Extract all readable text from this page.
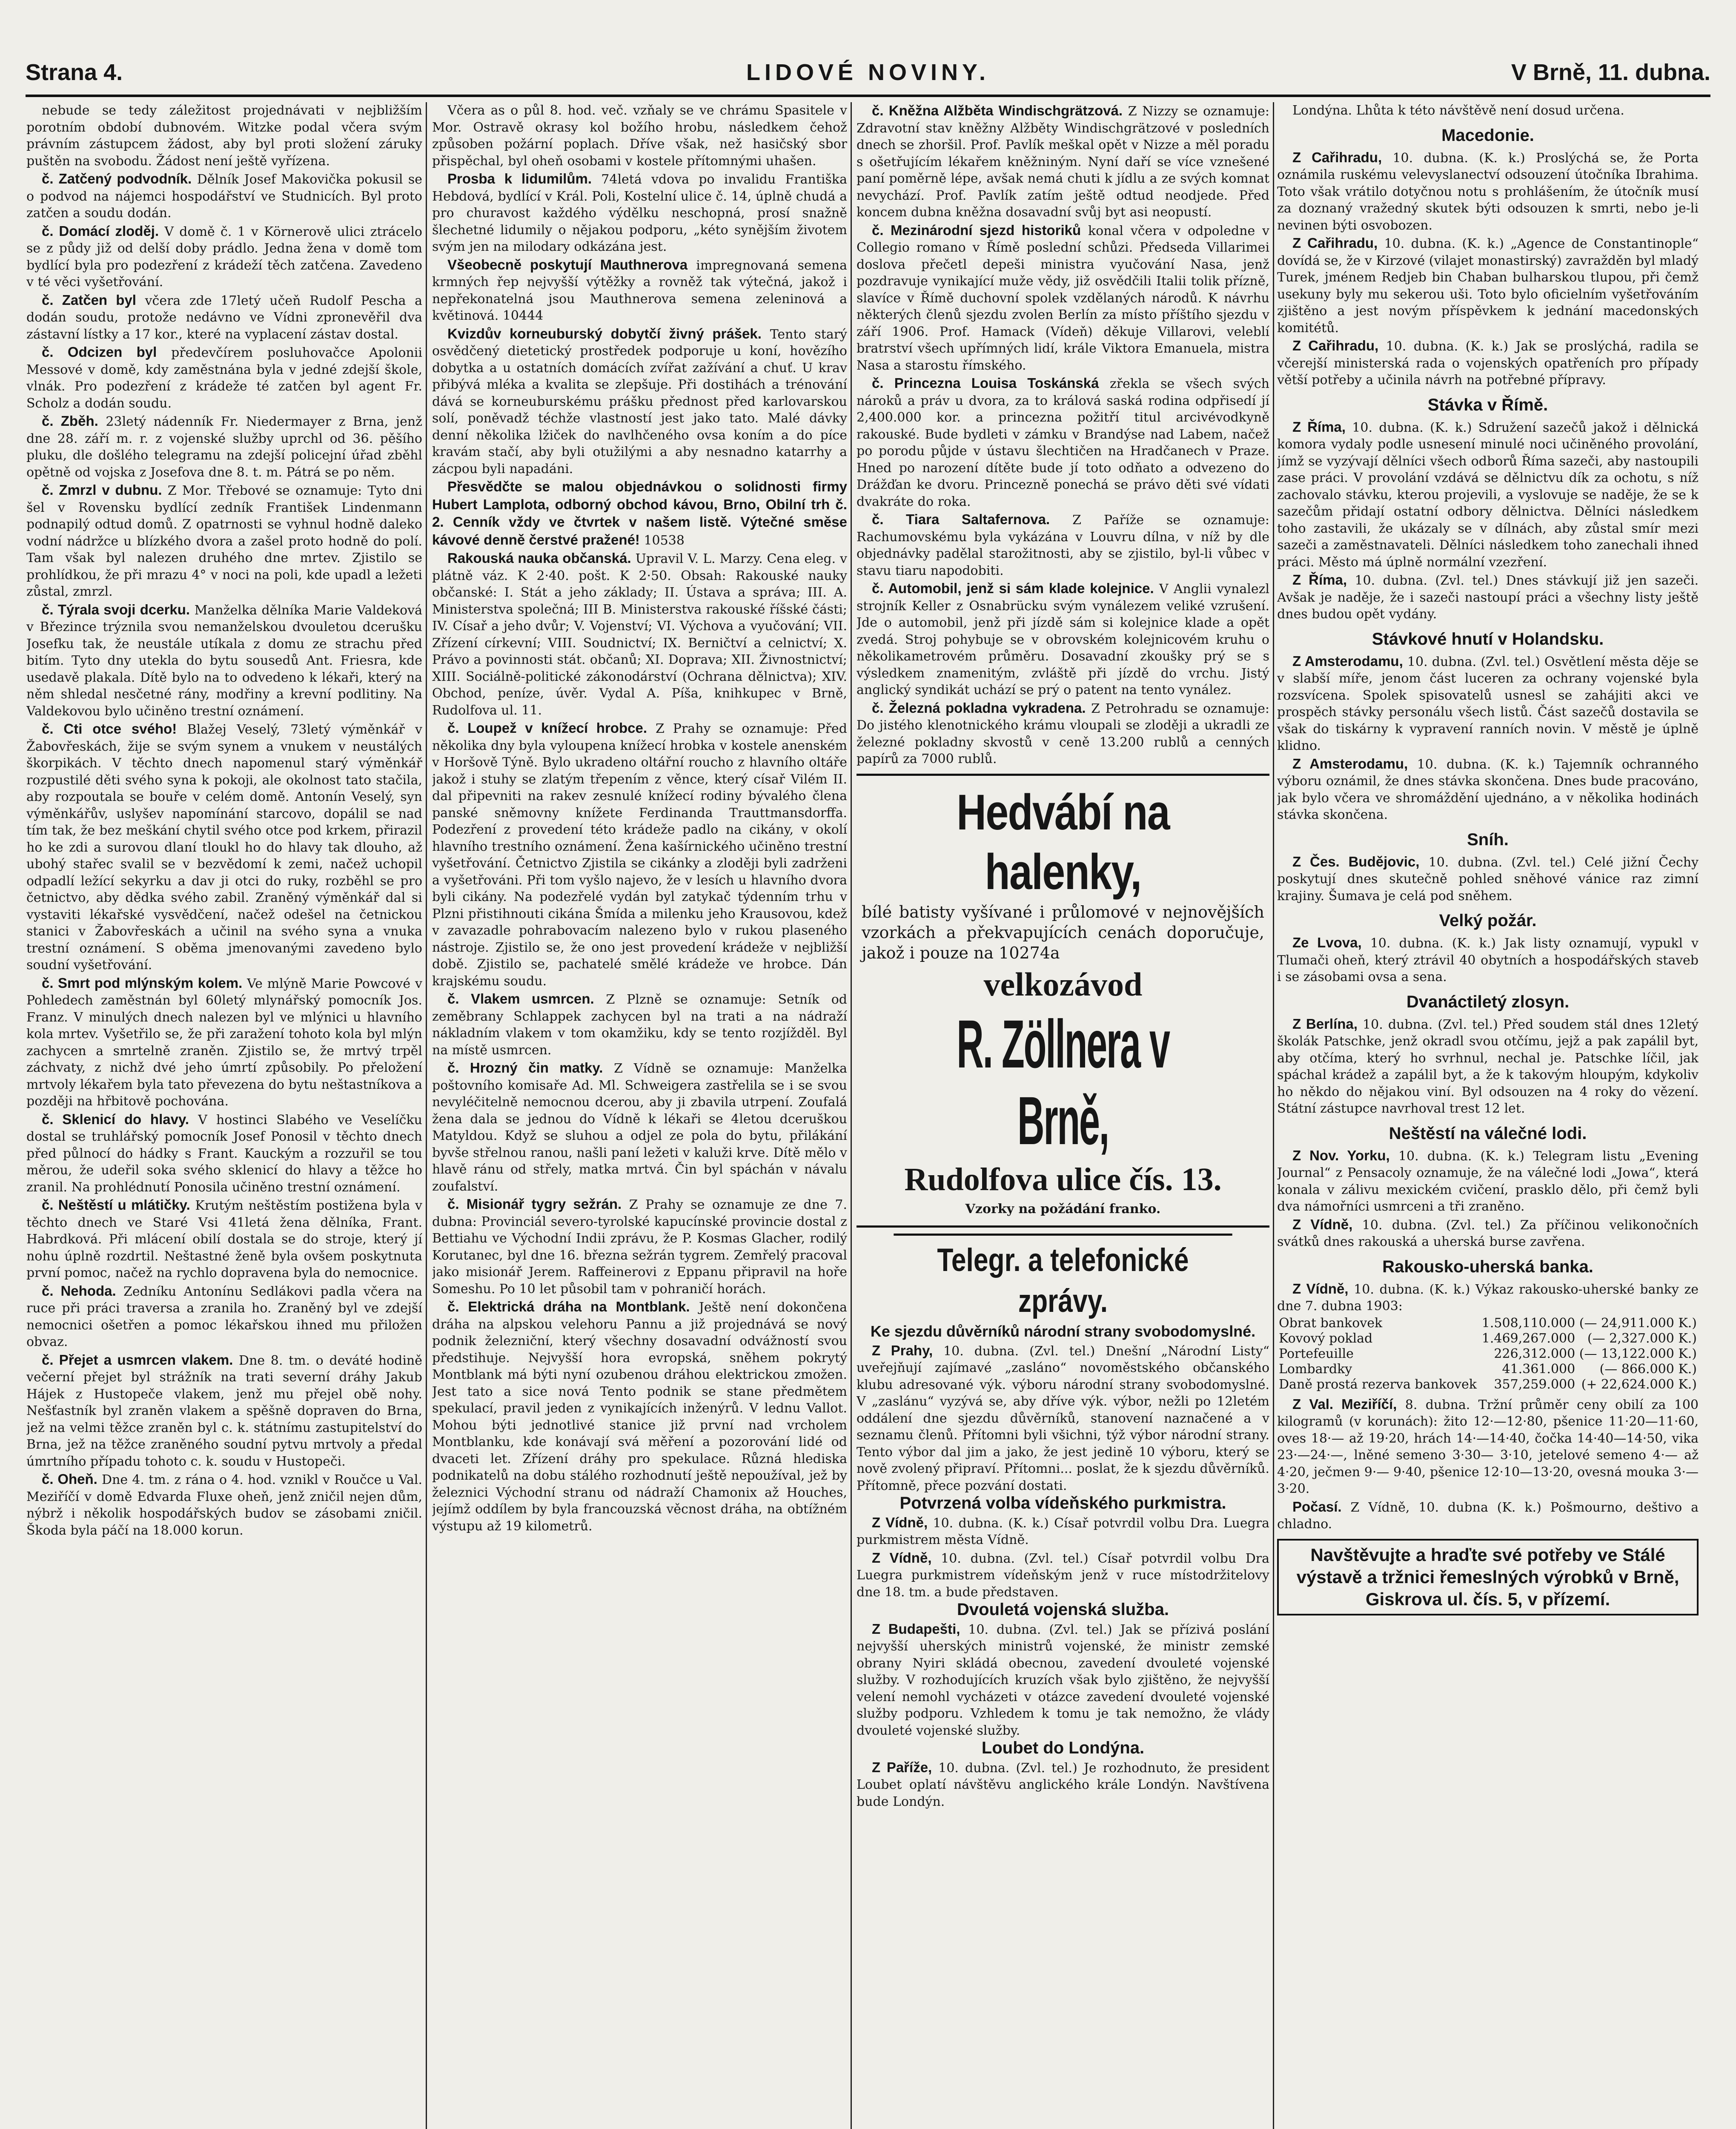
Strana 4.	LIDOVÉ NOVINY.	V Brně, 11. dubna.

nebude se tedy záležitost projednávati v nejbližším porotním období dubnovém. Witzke podal včera svým právním zástupcem žádost, aby byl proti složení záruky puštěn na svobodu. Žádost není ještě vyřízena.

č. Zatčený podvodník. Dělník Josef Makovička pokusil se o podvod na nájemci hospodářství ve Studnicích. Byl proto zatčen a soudu dodán.

č. Domácí zloděj. V domě č. 1 v Körnerově ulici ztrácelo se z půdy již od delší doby prádlo. Jedna žena v domě tom bydlící byla pro podezření z krádeží těch zatčena. Zavedeno v té věci vyšetřování.

č. Zatčen byl včera zde 17letý učeň Rudolf Pescha a dodán soudu, protože nedávno ve Vídni zpronevěřil dva zástavní lístky a 17 kor., které na vyplacení zástav dostal.

č. Odcizen byl předevčírem posluhovačce Apolonii Messové v domě, kdy zaměstnána byla v jedné zdejší škole, vlnák. Pro podezření z krádeže té zatčen byl agent Fr. Scholz a dodán soudu.

č. Zběh. 23letý nádenník Fr. Niedermayer z Brna, jenž dne 28. září m. r. z vojenské služby uprchl od 36. pěšího pluku, dle došlého telegramu na zdejší policejní úřad zběhl opětně od vojska z Josefova dne 8. t. m. Pátrá se po něm.

č. Zmrzl v dubnu. Z Mor. Třebové se oznamuje: Tyto dni šel v Rovensku bydlící zedník František Lindenmann podnapilý odtud domů. Z opatrnosti se vyhnul hodně daleko vodní nádržce u blízkého dvora a zašel proto hodně do polí. Tam však byl nalezen druhého dne mrtev. Zjistilo se prohlídkou, že při mrazu 4° v noci na poli, kde upadl a ležeti zůstal, zmrzl.

č. Týrala svoji dcerku. Manželka dělníka Marie Valdeková v Březince trýznila svou nemanželskou dvouletou dcerušku Josefku tak, že neustále utíkala z domu ze strachu před bitím. Tyto dny utekla do bytu sousedů Ant. Friesra, kde usedavě plakala. Dítě bylo na to odvedeno k lékaři, který na něm shledal nesčetné rány, modřiny a krevní podlitiny. Na Valdekovou bylo učiněno trestní oznámení.

č. Cti otce svého! Blažej Veselý, 73letý výměnkář v Žabovřeskách, žije se svým synem a vnukem v neustálých škorpikách. V těchto dnech napomenul starý výměnkář rozpustilé děti svého syna k pokoji, ale okolnost tato stačila, aby rozpoutala se bouře v celém domě. Antonín Veselý, syn výměnkářův, uslyšev napomínání starcovo, dopálil se nad tím tak, že bez meškání chytil svého otce pod krkem, přirazil ho ke zdi a surovou dlaní tloukl ho do hlavy tak dlouho, až ubohý stařec svalil se v bezvědomí k zemi, načež uchopil odpadlí ležící sekyrku a dav ji otci do ruky, rozběhl se pro četnictvo, aby dědka svého zabil. Zraněný výměnkář dal si vystaviti lékařské vysvědčení, načež odešel na četnickou stanici v Žabovřeskách a učinil na svého syna a vnuka trestní oznámení. S oběma jmenovanými zavedeno bylo soudní vyšetřování.

č. Smrt pod mlýnským kolem. Ve mlýně Marie Powcové v Pohledech zaměstnán byl 60letý mlynářský pomocník Jos. Franz. V minulých dnech nalezen byl ve mlýnici u hlavního kola mrtev. Vyšetřilo se, že při zaražení tohoto kola byl mlýn zachycen a smrtelně zraněn. Zjistilo se, že mrtvý trpěl záchvaty, z nichž dvé jeho úmrtí způsobily. Po přeložení mrtvoly lékařem byla tato převezena do bytu neštastníkova a později na hřbitově pochována.

č. Sklenicí do hlavy. V hostinci Slabého ve Veselíčku dostal se truhlářský pomocník Josef Ponosil v těchto dnech před půlnocí do hádky s Frant. Kauckým a rozzuřil se tou měrou, že udeřil soka svého sklenicí do hlavy a těžce ho zranil. Na prohlédnutí Ponosila učiněno trestní oznámení.

č. Neštěstí u mlátičky. Krutým neštěstím postižena byla v těchto dnech ve Staré Vsi 41letá žena dělníka, Frant. Habrdková. Při mlácení obilí dostala se do stroje, který jí nohu úplně rozdrtil. Neštastné ženě byla ovšem poskytnuta první pomoc, načež na rychlo dopravena byla do nemocnice.

č. Nehoda. Zedníku Antonínu Sedlákovi padla včera na ruce při práci traversa a zranila ho. Zraněný byl ve zdejší nemocnici ošetřen a pomoc lékařskou ihned mu přiložen obvaz.

č. Přejet a usmrcen vlakem. Dne 8. tm. o deváté hodině večerní přejet byl strážník na trati severní dráhy Jakub Hájek z Hustopeče vlakem, jenž mu přejel obě nohy. Nešťastník byl zraněn vlakem a spěšně dopraven do Brna, jež na velmi těžce zraněn byl c. k. státnímu zastupitelství do Brna, jež na těžce zraněného soudní pytvu mrtvoly a předal úmrtního případu tohoto c. k. soudu v Hustopeči.

č. Oheň. Dne 4. tm. z rána o 4. hod. vznikl v Roučce u Val. Meziříčí v domě Edvarda Fluxe oheň, jenž zničil nejen dům, nýbrž i několik hospodářských budov se zásobami zničil. Škoda byla páčí na 18.000 korun.

Včera as o půl 8. hod. več. vzňaly se ve chrámu Spasitele v Mor. Ostravě okrasy kol božího hrobu, následkem čehož způsoben požární poplach. Dříve však, než hasičský sbor přispěchal, byl oheň osobami v kostele přítomnými uhašen.

Prosba k lidumilům. 74letá vdova po invalidu Františka Hebdová, bydlící v Král. Poli, Kostelní ulice č. 14, úplně chudá a pro churavost každého výdělku neschopná, prosí snažně šlechetné lidumily o nějakou podporu, „kéto synějším životem svým jen na milodary odkázána jest.

Všeobecně poskytují Mauthnerova impregnovaná semena krmných řep nejvyšší výtěžky a rovněž tak výtečná, jakož i nepřekonatelná jsou Mauthnerova semena zeleninová a květinová. 10444

Kvizdův korneuburský dobytčí živný prášek. Tento starý osvědčený dietetický prostředek podporuje u koní, hovězího dobytka a u ostatních domácích zvířat zažívání a chuť. U krav přibývá mléka a kvalita se zlepšuje. Při dostihách a trénování dává se korneuburskému prášku přednost před karlovarskou solí, poněvadž téchže vlastností jest jako tato. Malé dávky denní několika lžiček do navlhčeného ovsa koním a do píce kravám stačí, aby byli otužilými a aby nesnadno katarrhy a zácpou byli napadáni.

Přesvědčte se malou objednávkou o solidnosti firmy Hubert Lamplota, odborný obchod kávou, Brno, Obilní trh č. 2. Cenník vždy ve čtvrtek v našem listě. Výtečné směse kávové denně čerstvé pražené! 10538

Rakouská nauka občanská. Upravil V. L. Marzy. Cena eleg. v plátně váz. K 2·40. pošt. K 2·50. Obsah: Rakouské nauky občanské: I. Stát a jeho základy; II. Ústava a správa; III. A. Ministerstva společná; III B. Ministerstva rakouské říšské části; IV. Císař a jeho dvůr; V. Vojenství; VI. Výchova a vyučování; VII. Zřízení církevní; VIII. Soudnictví; IX. Berničtví a celnictví; X. Právo a povinnosti stát. občanů; XI. Doprava; XII. Živnostnictví; XIII. Sociálně-politické zákonodárství (Ochrana dělnictva); XIV. Obchod, peníze, úvěr. Vydal A. Píša, knihkupec v Brně, Rudolfova ul. 11.

č. Loupež v knížecí hrobce. Z Prahy se oznamuje: Před několika dny byla vyloupena knížecí hrobka v kostele anenském v Horšově Týně. Bylo ukradeno oltářní roucho z hlavního oltáře jakož i stuhy se zlatým třepením z věnce, který císař Vilém II. dal připevniti na rakev zesnulé knížecí rodiny bývalého člena panské sněmovny knížete Ferdinanda Trauttmansdorffa. Podezření z provedení této krádeže padlo na cikány, v okolí hlavního trestního oznámení. Žena kašírnického učiněno trestní vyšetřování. Četnictvo Zjistila se cikánky a zloději byli zadrženi a vyšetřováni. Při tom vyšlo najevo, že v lesích u hlavního dvora byli cikány. Na podezřelé vydán byl zatykač týdenním trhu v Plzni přistihnouti cikána Šmída a milenku jeho Krausovou, kdež v zavazadle pohrabovacím nalezeno bylo v rukou plaseného nástroje. Zjistilo se, že ono jest provedení krádeže v nejbližší době. Zjistilo se, pachatelé smělé krádeže ve hrobce. Dán krajskému soudu.

č. Vlakem usmrcen. Z Plzně se oznamuje: Setník od zeměbrany Schlappek zachycen byl na trati a na nádraží nákladním vlakem v tom okamžiku, kdy se tento rozjížděl. Byl na místě usmrcen.

č. Hrozný čin matky. Z Vídně se oznamuje: Manželka poštovního komisaře Ad. Ml. Schweigera zastřelila se i se svou nevyléčitelně nemocnou dcerou, aby ji zbavila utrpení. Zoufalá žena dala se jednou do Vídně k lékaři se 4letou dceruškou Matyldou. Když se sluhou a odjel ze pola do bytu, přilákání byvše střelnou ranou, našli paní ležeti v kaluži krve. Dítě mělo v hlavě ránu od střely, matka mrtvá. Čin byl spáchán v návalu zoufalství.

č. Misionář tygry sežrán. Z Prahy se oznamuje ze dne 7. dubna: Provinciál severo-tyrolské kapucínské provincie dostal z Bettiahu ve Východní Indii zprávu, že P. Kosmas Glacher, rodilý Korutanec, byl dne 16. března sežrán tygrem. Zemřelý pracoval jako misionář Jerem. Raffeinerovi z Eppanu připravil na hoře Someshu. Po 10 let působil tam v pohraničí horách.

č. Elektrická dráha na Montblank. Ještě není dokončena dráha na alpskou velehoru Pannu a již projednává se nový podnik železniční, který všechny dosavadní odvážností svou předstihuje. Nejvyšší hora evropská, sněhem pokrytý Montblank má býti nyní ozubenou dráhou elektrickou zmožen. Jest tato a sice nová Tento podnik se stane předmětem spekulací, pravil jeden z vynikajících inženýrů. V lednu Vallot. Mohou býti jednotlivé stanice již první nad vrcholem Montblanku, kde konávají svá měření a pozorování lidé od dvaceti let. Zřízení dráhy pro spekulace. Různá hlediska podnikatelů na dobu stálého rozhodnutí ještě nepoužíval, jež by železnici Východní stranu od nádraží Chamonix až Houches, jejímž oddílem by byla francouzská věcnost dráha, na obtížném výstupu až 19 kilometrů.

č. Kněžna Alžběta Windischgrätzová. Z Nizzy se oznamuje: Zdravotní stav kněžny Alžběty Windischgrätzové v posledních dnech se zhoršil. Prof. Pavlík meškal opět v Nizze a měl poradu s ošetřujícím lékařem kněžniným. Nyní daří se více vznešené paní poměrně lépe, avšak nemá chuti k jídlu a ze svých komnat nevychází. Prof. Pavlík zatím ještě odtud neodjede. Před koncem dubna kněžna dosavadní svůj byt asi neopustí.

č. Mezinárodní sjezd historiků konal včera v odpoledne v Collegio romano v Římě poslední schůzi. Předseda Villarimei doslova přečetl depeši ministra vyučování Nasa, jenž pozdravuje vynikající muže vědy, již osvědčili Italii tolik přízně, slavíce v Římě duchovní spolek vzdělaných národů. K návrhu některých členů sjezdu zvolen Berlín za místo příštího sjezdu v září 1906. Prof. Hamack (Vídeň) děkuje Villarovi, veleblí bratrství všech upřímných lidí, krále Viktora Emanuela, mistra Nasa a starostu římského.

č. Princezna Louisa Toskánská zřekla se všech svých nároků a práv u dvora, za to králová saská rodina odpřisedí jí 2,400.000 kor. a princezna požitří titul arcivévodkyně rakouské. Bude bydleti v zámku v Brandýse nad Labem, načež po porodu půjde v ústavu šlechtičen na Hradčanech v Praze. Hned po narození dítěte bude jí toto odňato a odvezeno do Drážďan ke dvoru. Princezně ponechá se právo děti své vídati dvakráte do roka.

č. Tiara Saltafernova. Z Paříže se oznamuje: Rachumovskému byla vykázána v Louvru dílna, v níž by dle objednávky padělal starožitnosti, aby se zjistilo, byl-li vůbec v stavu tiaru napodobiti.

č. Automobil, jenž si sám klade kolejnice. V Anglii vynalezl strojník Keller z Osnabrücku svým vynálezem veliké vzrušení. Jde o automobil, jenž při jízdě sám si kolejnice klade a opět zvedá. Stroj pohybuje se v obrovském kolejnicovém kruhu o několikametrovém průměru. Dosavadní zkoušky prý se s výsledkem znamenitým, zvláště při jízdě do vrchu. Jistý anglický syndikát uchází se prý o patent na tento vynález.

č. Železná pokladna vykradena. Z Petrohradu se oznamuje: Do jistého klenotnického krámu vloupali se zloději a ukradli ze železné pokladny skvostů v ceně 13.200 rublů a cenných papírů za 7000 rublů.

Hedvábí na halenky,

bílé batisty vyšívané i průlomové v nejnovějších vzorkách a překvapujících cenách doporučuje, jakož i pouze na 10274a

velkozávod
R. Zöllnera v Brně,
Rudolfova ulice čís. 13.
Vzorky na požádání franko.
Telegr. a telefonické zprávy.
Ke sjezdu důvěrníků národní strany svobodomyslné.

Z Prahy, 10. dubna. (Zvl. tel.) Dnešní „Národní Listy“ uveřejňují zajímavé „zasláno“ novoměstského občanského klubu adresované výk. výboru národní strany svobodomyslné. V „zaslánu“ vyzývá se, aby dříve výk. výbor, nežli po 12letém oddálení dne sjezdu důvěrníků, stanovení naznačené a v seznamu členů. Přítomni byli všichni, týž výbor národní strany. Tento výbor dal jim a jako, že jest jedině 10 výboru, který se nově zvolený připraví. Přítomni... poslat, že k sjezdu důvěrníků. Přítomně, přece pozvání dostati.

Potvrzená volba vídeňského purkmistra.

Z Vídně, 10. dubna. (K. k.) Císař potvrdil volbu Dra. Luegra purkmistrem města Vídně.

Z Vídně, 10. dubna. (Zvl. tel.) Císař potvrdil volbu Dra Luegra purkmistrem vídeňským jenž v ruce místodržitelovy dne 18. tm. a bude představen.

Dvouletá vojenská služba.

Z Budapešti, 10. dubna. (Zvl. tel.) Jak se přízivá poslání nejvyšší uherských ministrů vojenské, že ministr zemské obrany Nyiri skládá obecnou, zavedení dvouleté vojenské služby. V rozhodujících kruzích však bylo zjištěno, že nejvyšší velení nemohl vycházeti v otázce zavedení dvouleté vojenské služby podporu. Vzhledem k tomu je tak nemožno, že vlády dvouleté vojenské služby.

Loubet do Londýna.

Z Paříže, 10. dubna. (Zvl. tel.) Je rozhodnuto, že president Loubet oplatí návštěvu anglického krále Londýn. Navštívena bude Londýn.

Londýna. Lhůta k této návštěvě není dosud určena.

Macedonie.

Z Cařihradu, 10. dubna. (K. k.) Proslýchá se, že Porta oznámila ruskému velevyslanectví odsouzení útočníka Ibrahima. Toto však vrátilo dotyčnou notu s prohlášením, že útočník musí za doznaný vražedný skutek býti odsouzen k smrti, nebo je-li nevinen býti osvobozen.

Z Cařihradu, 10. dubna. (K. k.) „Agence de Constantinople“ dovídá se, že v Kirzové (vilajet monastirský) zavražděn byl mladý Turek, jménem Redjeb bin Chaban bulharskou tlupou, při čemž usekuny byly mu sekerou uši. Toto bylo oficielním vyšetřováním zjištěno a jest novým příspěvkem k jednání macedonských komitétů.

Z Cařihradu, 10. dubna. (K. k.) Jak se proslýchá, radila se včerejší ministerská rada o vojenských opatřeních pro případy větší potřeby a učinila návrh na potřebné přípravy.

Stávka v Římě.

Z Říma, 10. dubna. (K. k.) Sdružení sazečů jakož i dělnická komora vydaly podle usnesení minulé noci učiněného provolání, jímž se vyzývají dělníci všech odborů Říma sazeči, aby nastoupili zase práci. V provolání vzdává se dělnictvu dík za ochotu, s níž zachovalo stávku, kterou projevili, a vyslovuje se naděje, že se k sazečům přidají ostatní odbory dělnictva. Dělníci následkem toho zastavili, že ukázaly se v dílnách, aby zůstal smír mezi sazeči a zaměstnavateli. Dělníci následkem toho zanechali ihned práci. Město má úplně normální vzezření.

Z Říma, 10. dubna. (Zvl. tel.) Dnes stávkují již jen sazeči. Avšak je naděje, že i sazeči nastoupí práci a všechny listy ještě dnes budou opět vydány.

Stávkové hnutí v Holandsku.

Z Amsterodamu, 10. dubna. (Zvl. tel.) Osvětlení města děje se v slabší míře, jenom část luceren za ochrany vojenské byla rozsvícena. Spolek spisovatelů usnesl se zahájiti akci ve prospěch stávky personálu všech listů. Část sazečů dostavila se však do tiskárny k vypravení ranních novin. V městě je úplně klidno.

Z Amsterodamu, 10. dubna. (K. k.) Tajemník ochranného výboru oznámil, že dnes stávka skončena. Dnes bude pracováno, jak bylo včera ve shromáždění ujednáno, a v několika hodinách stávka skončena.

Sníh.

Z Čes. Budějovic, 10. dubna. (Zvl. tel.) Celé jižní Čechy poskytují dnes skutečně pohled sněhové vánice raz zimní krajiny. Šumava je celá pod sněhem.

Velký požár.

Ze Lvova, 10. dubna. (K. k.) Jak listy oznamují, vypukl v Tlumači oheň, který ztrávil 40 obytních a hospodářských staveb i se zásobami ovsa a sena.

Dvanáctiletý zlosyn.

Z Berlína, 10. dubna. (Zvl. tel.) Před soudem stál dnes 12letý školák Patschke, jenž okradl svou otčímu, jejž a pak zapálil byt, aby otčíma, který ho svrhnul, nechal je. Patschke líčil, jak spáchal krádež a zapálil byt, a že k takovým hloupým, kdykoliv ho někdo do nějakou viní. Byl odsouzen na 4 roky do vězení. Státní zástupce navrhoval trest 12 let.

Neštěstí na válečné lodi.

Z Nov. Yorku, 10. dubna. (K. k.) Telegram listu „Evening Journal“ z Pensacoly oznamuje, že na válečné lodi „Jowa“, která konala v zálivu mexickém cvičení, prasklo dělo, při čemž byli dva námořníci usmrceni a tři zraněno.

Z Vídně, 10. dubna. (Zvl. tel.) Za příčinou velikonočních svátků dnes rakouská a uherská burse zavřena.

Rakousko-uherská banka.

Z Vídně, 10. dubna. (K. k.) Výkaz rakousko-uherské banky ze dne 7. dubna 1903:

Obrat bankovek	1.508,110.000	(— 24,911.000 K.)
Kovový poklad	1.469,267.000	(— 2,327.000 K.)
Portefeuille	226,312.000	(— 13,122.000 K.)
Lombardky	41.361.000	(— 866.000 K.)
Daně prostá rezerva bankovek	357,259.000	(+ 22,624.000 K.)

Z Val. Meziříčí, 8. dubna. Tržní průměr ceny obilí za 100 kilogramů (v korunách): žito 12·—12·80, pšenice 11·20—11·60, oves 18·— až 19·20, hrách 14·—14·40, čočka 14·40—14·50, vika 23·—24·—, lněné semeno 3·30— 3·10, jetelové semeno 4·— až 4·20, ječmen 9·— 9·40, pšenice 12·10—13·20, ovesná mouka 3·—3·20.

Počasí. Z Vídně, 10. dubna (K. k.) Pošmourno, deštivo a chladno.

Navštěvujte a hraďte své potřeby ve Stálé výstavě a tržnici řemeslných výrobků v Brně, Giskrova ul. čís. 5, v přízemí.
